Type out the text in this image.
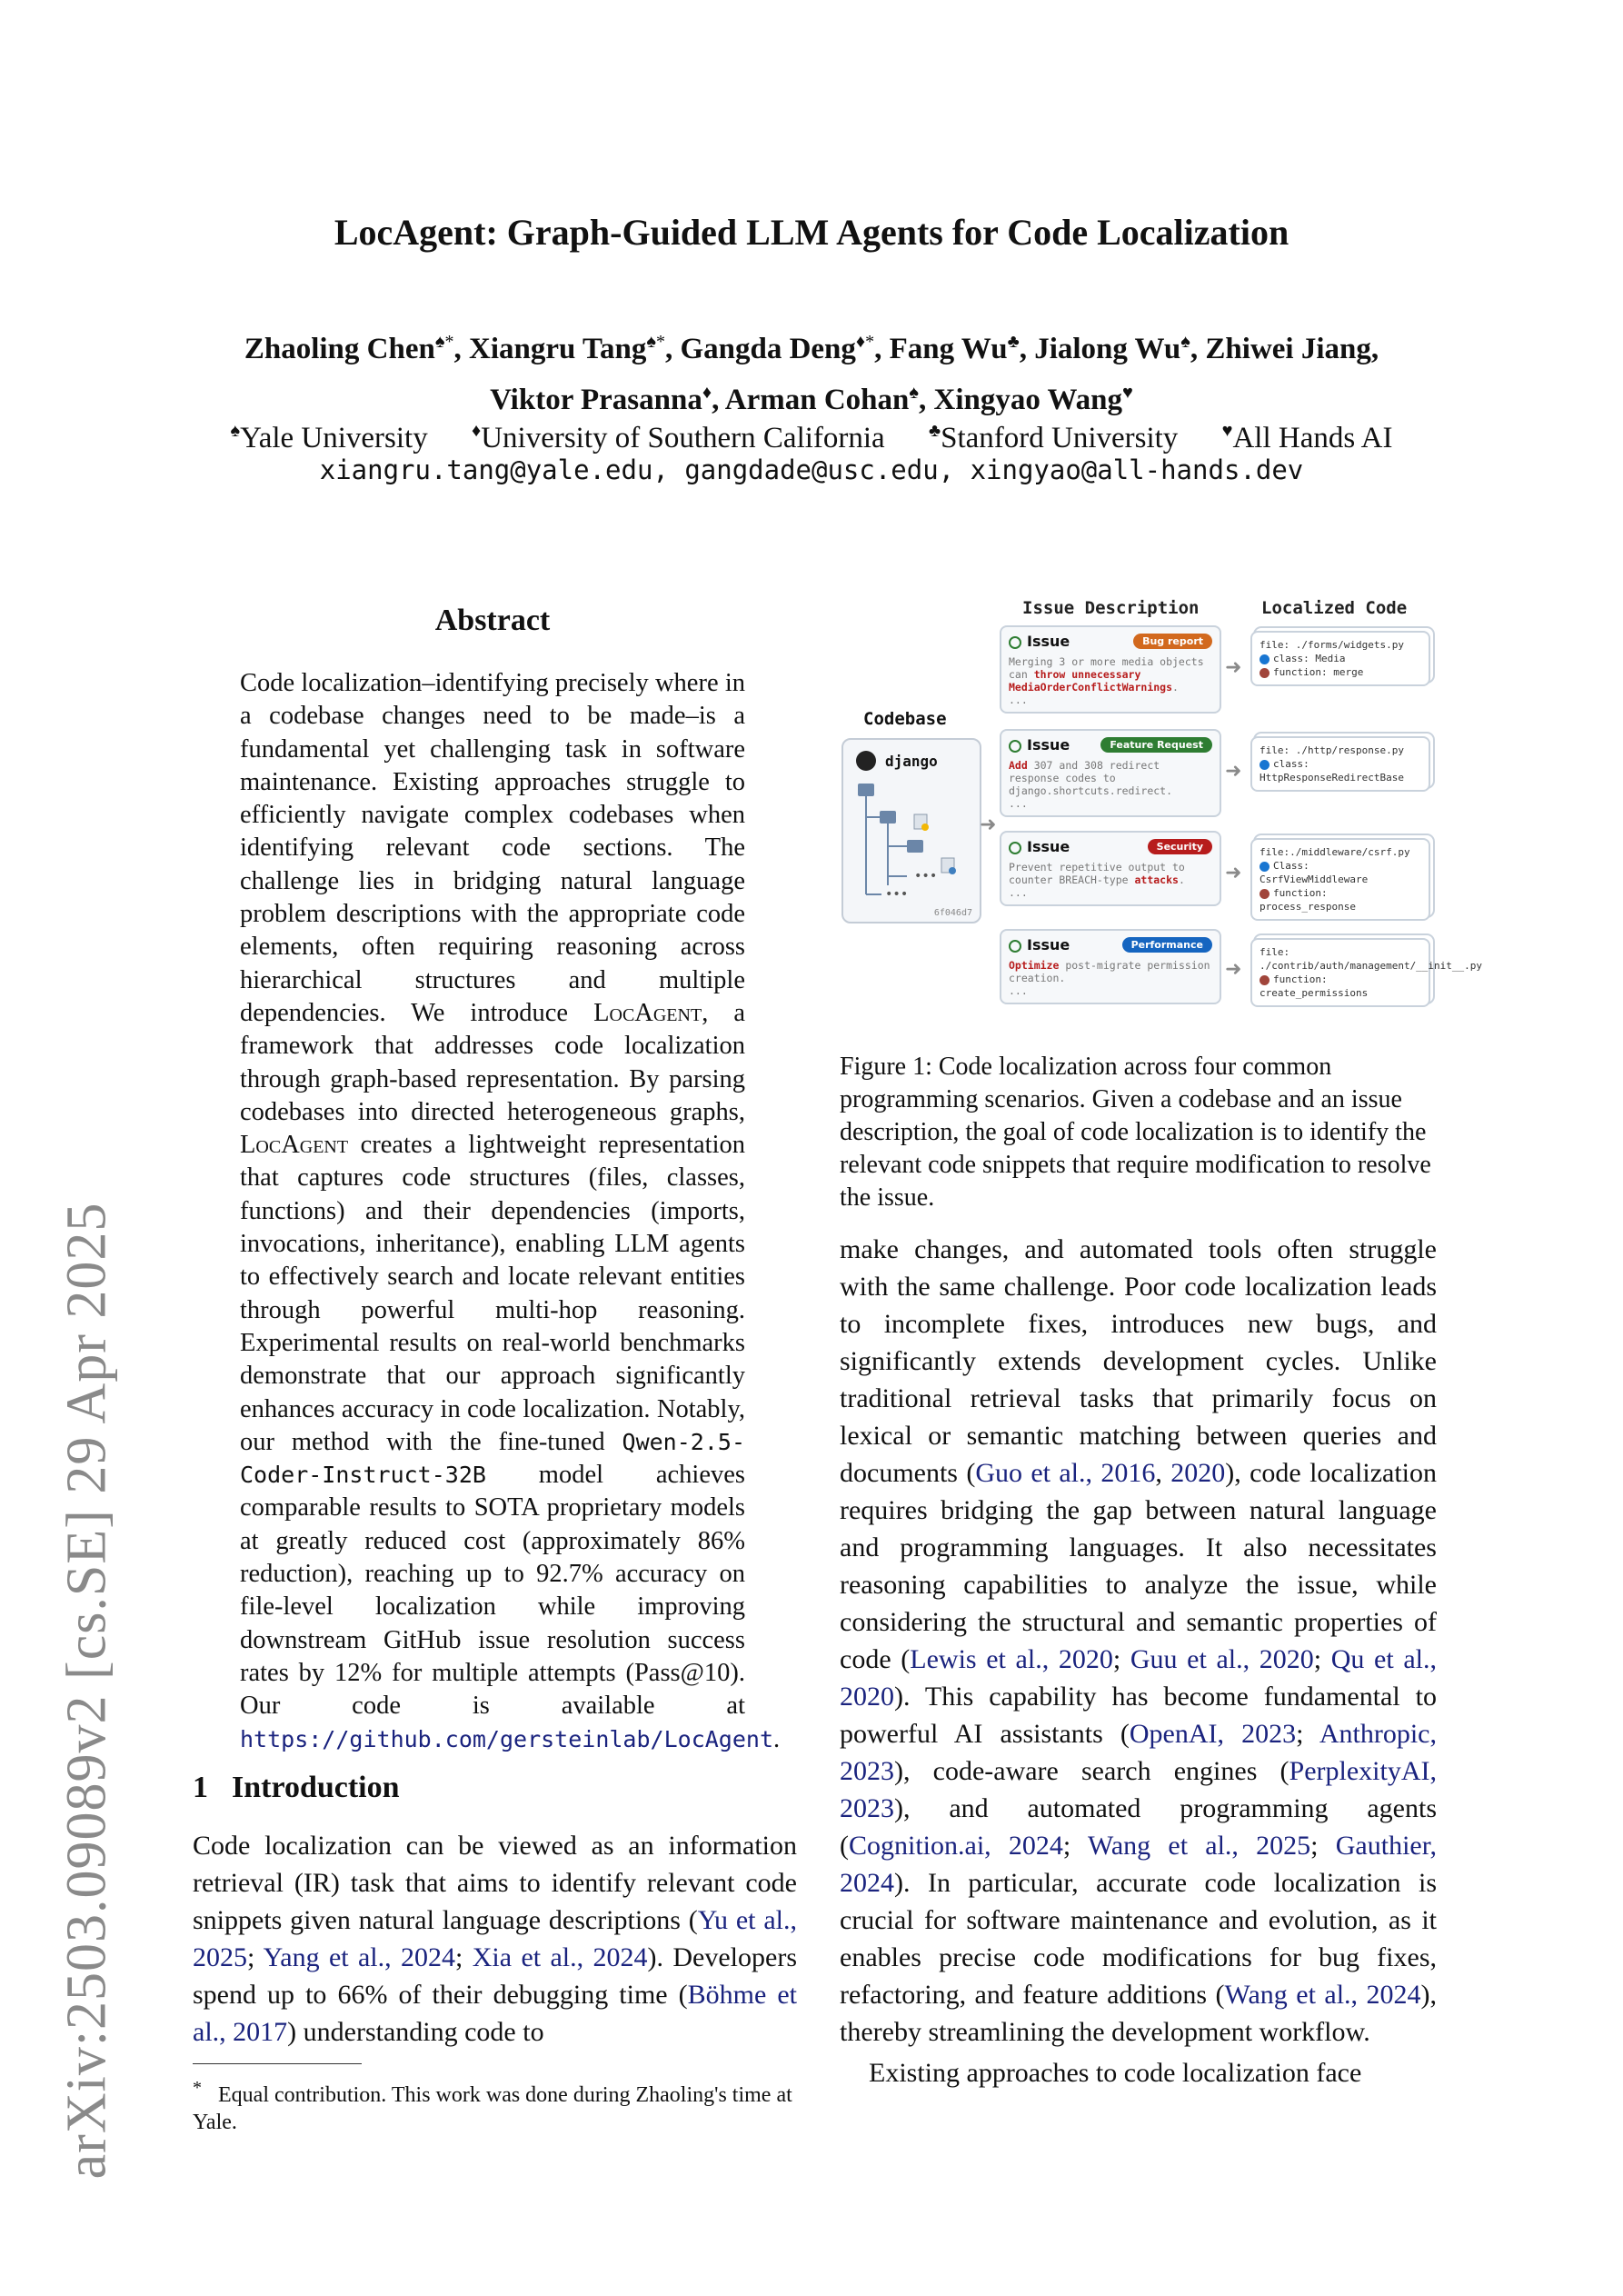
LocAgent: Graph-Guided LLM Agents for Code Localization
Zhaoling Chen♠*, Xiangru Tang♠*, Gangda Deng♦*, Fang Wu♣, Jialong Wu♠, Zhiwei Jiang,
Viktor Prasanna♦, Arman Cohan♠, Xingyao Wang♥
♠Yale University ♦University of Southern California ♣Stanford University ♥All Hands AI
xiangru.tang@yale.edu, gangdade@usc.edu, xingyao@all-hands.dev
arXiv:2503.09089v2 [cs.SE] 29 Apr 2025
Abstract
Code localization–identifying precisely where in a codebase changes need to be made–is a fundamental yet challenging task in software maintenance. Existing approaches struggle to efficiently navigate complex codebases when identifying relevant code sections. The challenge lies in bridging natural language problem descriptions with the appropriate code elements, often requiring reasoning across hierarchical structures and multiple dependencies. We introduce LocAgent, a framework that addresses code localization through graph-based representation. By parsing codebases into directed heterogeneous graphs, LocAgent creates a lightweight representation that captures code structures (files, classes, functions) and their dependencies (imports, invocations, inheritance), enabling LLM agents to effectively search and locate relevant entities through powerful multi-hop reasoning. Experimental results on real-world benchmarks demonstrate that our approach significantly enhances accuracy in code localization. Notably, our method with the fine-tuned Qwen-2.5-Coder-Instruct-32B model achieves comparable results to SOTA proprietary models at greatly reduced cost (approximately 86% reduction), reaching up to 92.7% accuracy on file-level localization while improving downstream GitHub issue resolution success rates by 12% for multiple attempts (Pass@10). Our code is available at https://github.com/gersteinlab/LocAgent.
1 Introduction
Code localization can be viewed as an information retrieval (IR) task that aims to identify relevant code snippets given natural language descriptions (Yu et al., 2025; Yang et al., 2024; Xia et al., 2024). Developers spend up to 66% of their debugging time (Böhme et al., 2017) understanding code to
* Equal contribution. This work was done during Zhaoling's time at Yale.
Issue Description	Localized Code
Codebase
django
•••
•••
6f046d7
➜
Issue	Bug report
Merging 3 or more media objects can throw unnecessary MediaOrderConflictWarnings.
...
Issue	Feature Request
Add 307 and 308 redirect response codes to django.shortcuts.redirect.
...
Issue	Security
Prevent repetitive output to counter BREACH-type attacks.
...
Issue	Performance
Optimize post-migrate permission creation.
...
➜
➜
➜
➜
file: ./forms/widgets.py
class: Media
function: merge
file: ./http/response.py
class: HttpResponseRedirectBase
file:./middleware/csrf.py
Class: CsrfViewMiddleware
function: process_response
file: ./contrib/auth/management/__init__.py
function: create_permissions
Figure 1: Code localization across four common programming scenarios. Given a codebase and an issue description, the goal of code localization is to identify the relevant code snippets that require modification to resolve the issue.
make changes, and automated tools often struggle with the same challenge. Poor code localization leads to incomplete fixes, introduces new bugs, and significantly extends development cycles. Unlike traditional retrieval tasks that primarily focus on lexical or semantic matching between queries and documents (Guo et al., 2016, 2020), code localization requires bridging the gap between natural language and programming languages. It also necessitates reasoning capabilities to analyze the issue, while considering the structural and semantic properties of code (Lewis et al., 2020; Guu et al., 2020; Qu et al., 2020). This capability has become fundamental to powerful AI assistants (OpenAI, 2023; Anthropic, 2023), code-aware search engines (PerplexityAI, 2023), and automated programming agents (Cognition.ai, 2024; Wang et al., 2025; Gauthier, 2024). In particular, accurate code localization is crucial for software maintenance and evolution, as it enables precise code modifications for bug fixes, refactoring, and feature additions (Wang et al., 2024), thereby streamlining the development workflow.
Existing approaches to code localization face
